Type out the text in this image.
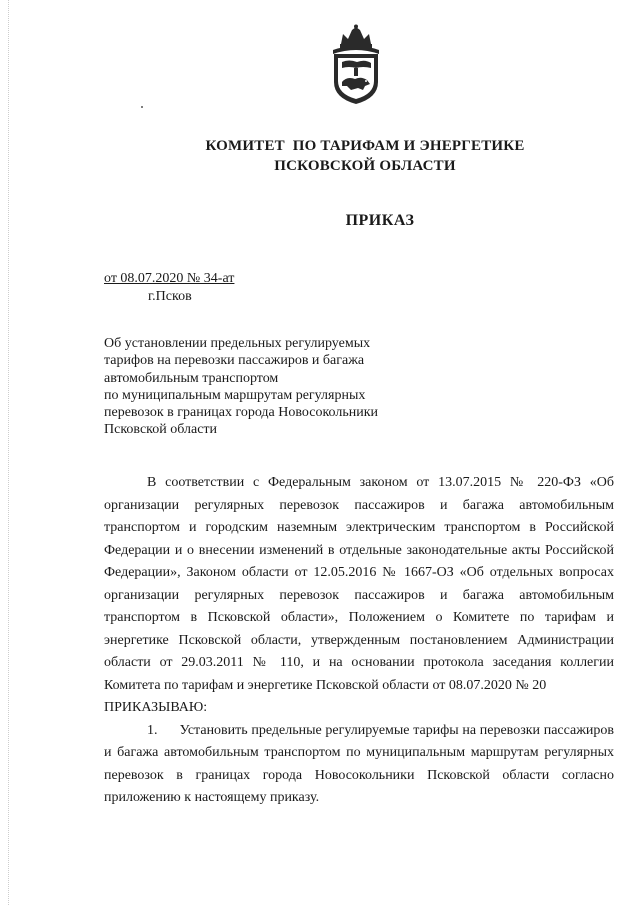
КОМИТЕТ  ПО ТАРИФАМ И ЭНЕРГЕТИКЕ
ПСКОВСКОЙ ОБЛАСТИ
ПРИКАЗ
от 08.07.2020 № 34-ат
г.Псков
Об установлении предельных регулируемых
тарифов на перевозки пассажиров и багажа
автомобильным транспортом
по муниципальным маршрутам регулярных
перевозок в границах города Новосокольники
Псковской области

В соответствии с Федеральным законом от 13.07.2015 № 220-ФЗ «Об организации регулярных перевозок пассажиров и багажа автомобильным транспортом и городским наземным электрическим транспортом в Российской Федерации и о внесении изменений в отдельные законодательные акты Российской Федерации», Законом области от 12.05.2016 № 1667-ОЗ «Об отдельных вопросах организации регулярных перевозок пассажиров и багажа автомобильным транспортом в Псковской области», Положением о Комитете по тарифам и энергетике Псковской области, утвержденным постановлением Администрации области от 29.03.2011 № 110, и на основании протокола заседания коллегии Комитета по тарифам и энергетике Псковской области от 08.07.2020 № 20

ПРИКАЗЫВАЮ:

1.      Установить предельные регулируемые тарифы на перевозки пассажиров и багажа автомобильным транспортом по муниципальным маршрутам регулярных перевозок в границах города Новосокольники Псковской области согласно приложению к настоящему приказу.
